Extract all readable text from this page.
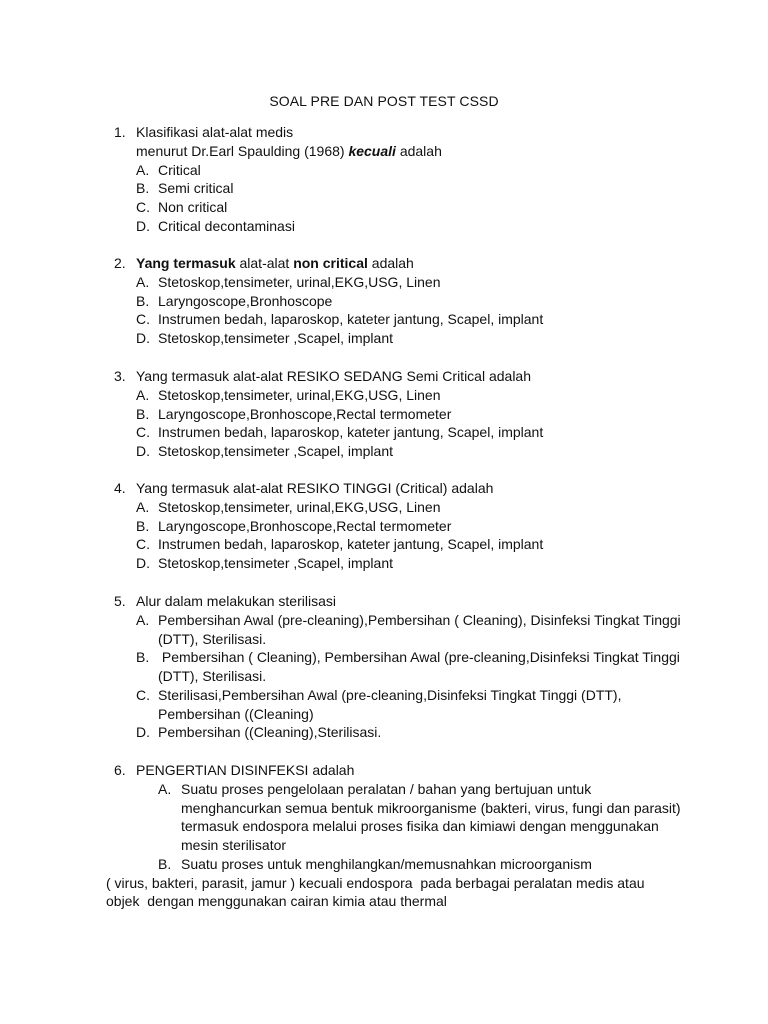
SOAL PRE DAN POST TEST CSSD
1. Klasifikasi alat-alat medis
menurut Dr.Earl Spaulding (1968) kecuali adalah
A. Critical
B. Semi critical
C. Non critical
D. Critical decontaminasi
2. Yang termasuk alat-alat non critical adalah
A. Stetoskop,tensimeter, urinal,EKG,USG, Linen
B. Laryngoscope,Bronhoscope
C. Instrumen bedah, laparoskop, kateter jantung, Scapel, implant
D. Stetoskop,tensimeter ,Scapel, implant
3. Yang termasuk alat-alat RESIKO SEDANG Semi Critical adalah
A. Stetoskop,tensimeter, urinal,EKG,USG, Linen
B. Laryngoscope,Bronhoscope,Rectal termometer
C. Instrumen bedah, laparoskop, kateter jantung, Scapel, implant
D. Stetoskop,tensimeter ,Scapel, implant
4. Yang termasuk alat-alat RESIKO TINGGI (Critical) adalah
A. Stetoskop,tensimeter, urinal,EKG,USG, Linen
B. Laryngoscope,Bronhoscope,Rectal termometer
C. Instrumen bedah, laparoskop, kateter jantung, Scapel, implant
D. Stetoskop,tensimeter ,Scapel, implant
5. Alur dalam melakukan sterilisasi
A. Pembersihan Awal (pre-cleaning),Pembersihan ( Cleaning), Disinfeksi Tingkat Tinggi
(DTT), Sterilisasi.
B. Pembersihan ( Cleaning), Pembersihan Awal (pre-cleaning,Disinfeksi Tingkat Tinggi
(DTT), Sterilisasi.
C. Sterilisasi,Pembersihan Awal (pre-cleaning,Disinfeksi Tingkat Tinggi (DTT),
Pembersihan ((Cleaning)
D. Pembersihan ((Cleaning),Sterilisasi.
6. PENGERTIAN DISINFEKSI adalah
A. Suatu proses pengelolaan peralatan / bahan yang bertujuan untuk
menghancurkan semua bentuk mikroorganisme (bakteri, virus, fungi dan parasit)
termasuk endospora melalui proses fisika dan kimiawi dengan menggunakan
mesin sterilisator
B. Suatu proses untuk menghilangkan/memusnahkan microorganism
( virus, bakteri, parasit, jamur ) kecuali endospora  pada berbagai peralatan medis atau
objek  dengan menggunakan cairan kimia atau thermal
